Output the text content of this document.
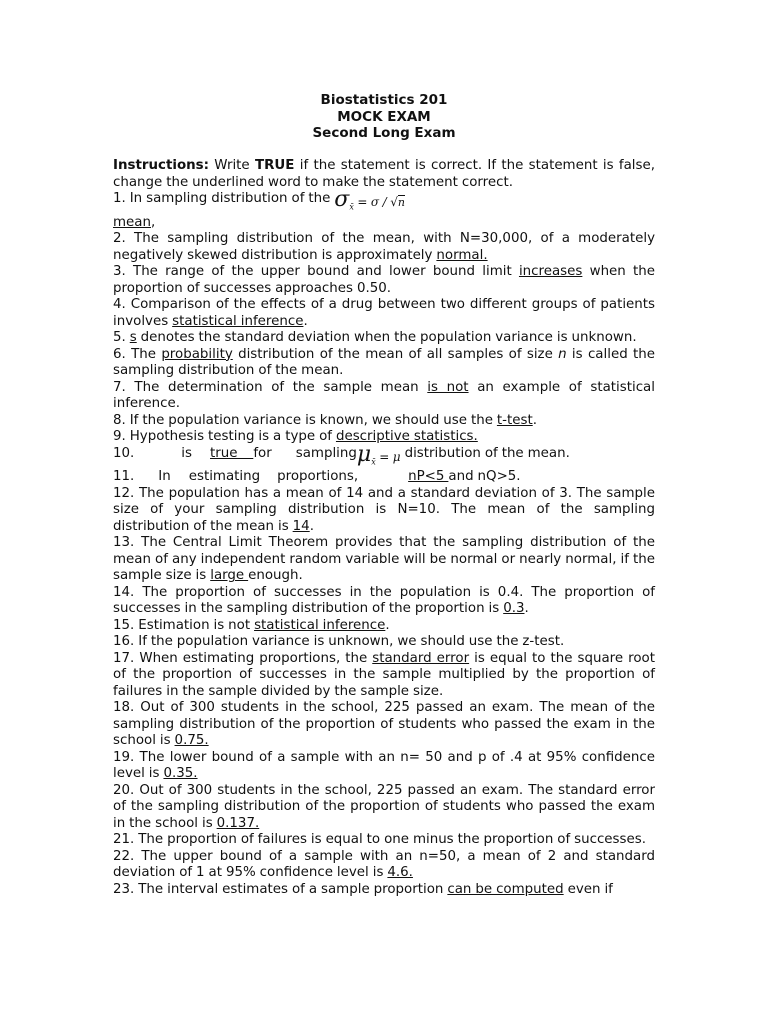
Biostatistics 201
MOCK EXAM
Second Long Exam

Instructions: Write TRUE if the statement is correct. If the statement is false, change the underlined word to make the statement correct.

1. In sampling distribution of the $\sigma_{x̄} = \sigma / √n$
mean,

2. The sampling distribution of the mean, with N=30,000, of a moderately negatively skewed distribution is approximately normal.

3. The range of the upper bound and lower bound limit increases when the proportion of successes approaches 0.50.

4. Comparison of the effects of a drug between two different groups of patients involves statistical inference.

5. s denotes the standard deviation when the population variance is unknown.

6. The probability distribution of the mean of all samples of size n is called the sampling distribution of the mean.

7. The determination of the sample mean is not an example of statistical inference.

8. If the population variance is known, we should use the t-test.

9. Hypothesis testing is a type of descriptive statistics.

10.	is true for samplingμ$_{x̄}$ = μ distribution of the mean.

11. In estimating proportions,	nP<5 and nQ>5.

12. The population has a mean of 14 and a standard deviation of 3. The sample size of your sampling distribution is N=10. The mean of the sampling distribution of the mean is 14.

13. The Central Limit Theorem provides that the sampling distribution of the mean of any independent random variable will be normal or nearly normal, if the sample size is large enough.

14. The proportion of successes in the population is 0.4. The proportion of successes in the sampling distribution of the proportion is 0.3.

15. Estimation is not statistical inference.

16. If the population variance is unknown, we should use the z-test.

17. When estimating proportions, the standard error is equal to the square root of the proportion of successes in the sample multiplied by the proportion of failures in the sample divided by the sample size.

18. Out of 300 students in the school, 225 passed an exam. The mean of the sampling distribution of the proportion of students who passed the exam in the school is 0.75.

19. The lower bound of a sample with an n= 50 and p of .4 at 95% confidence level is 0.35.

20. Out of 300 students in the school, 225 passed an exam. The standard error of the sampling distribution of the proportion of students who passed the exam in the school is 0.137.

21. The proportion of failures is equal to one minus the proportion of successes.

22. The upper bound of a sample with an n=50, a mean of 2 and standard deviation of 1 at 95% confidence level is 4.6.

23. The interval estimates of a sample proportion can be computed even if
